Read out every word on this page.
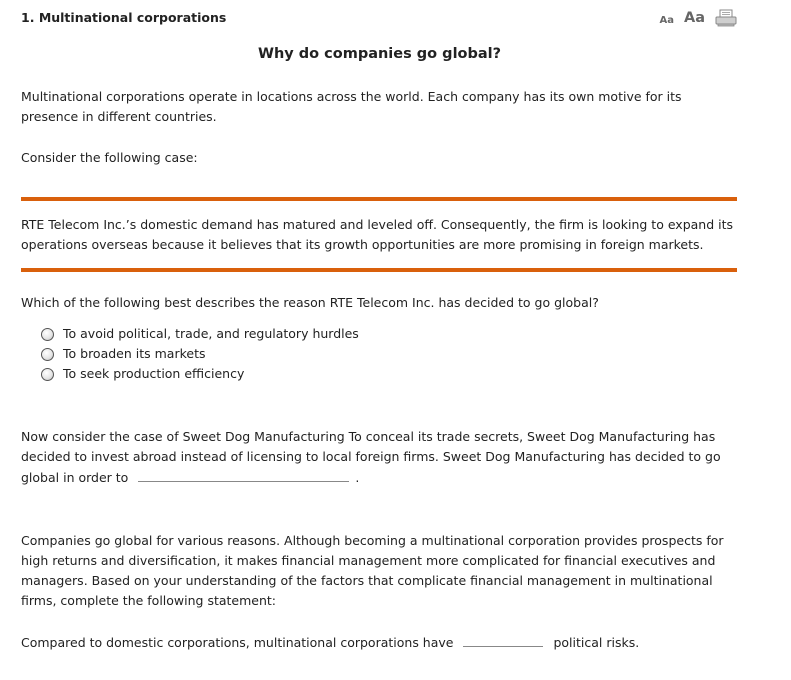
1. Multinational corporations	Aa Aa
Why do companies go global?

Multinational corporations operate in locations across the world. Each company has its own motive for its presence in different countries.

Consider the following case:

RTE Telecom Inc.’s domestic demand has matured and leveled off. Consequently, the firm is looking to expand its operations overseas because it believes that its growth opportunities are more promising in foreign markets.

Which of the following best describes the reason RTE Telecom Inc. has decided to go global?

To avoid political, trade, and regulatory hurdles
To broaden its markets
To seek production efficiency

Now consider the case of Sweet Dog Manufacturing To conceal its trade secrets, Sweet Dog Manufacturing has decided to invest abroad instead of licensing to local foreign firms. Sweet Dog Manufacturing has decided to go global in order to	.

Companies go global for various reasons. Although becoming a multinational corporation provides prospects for high returns and diversification, it makes financial management more complicated for financial executives and managers. Based on your understanding of the factors that complicate financial management in multinational firms, complete the following statement:

Compared to domestic corporations, multinational corporations have	political risks.
